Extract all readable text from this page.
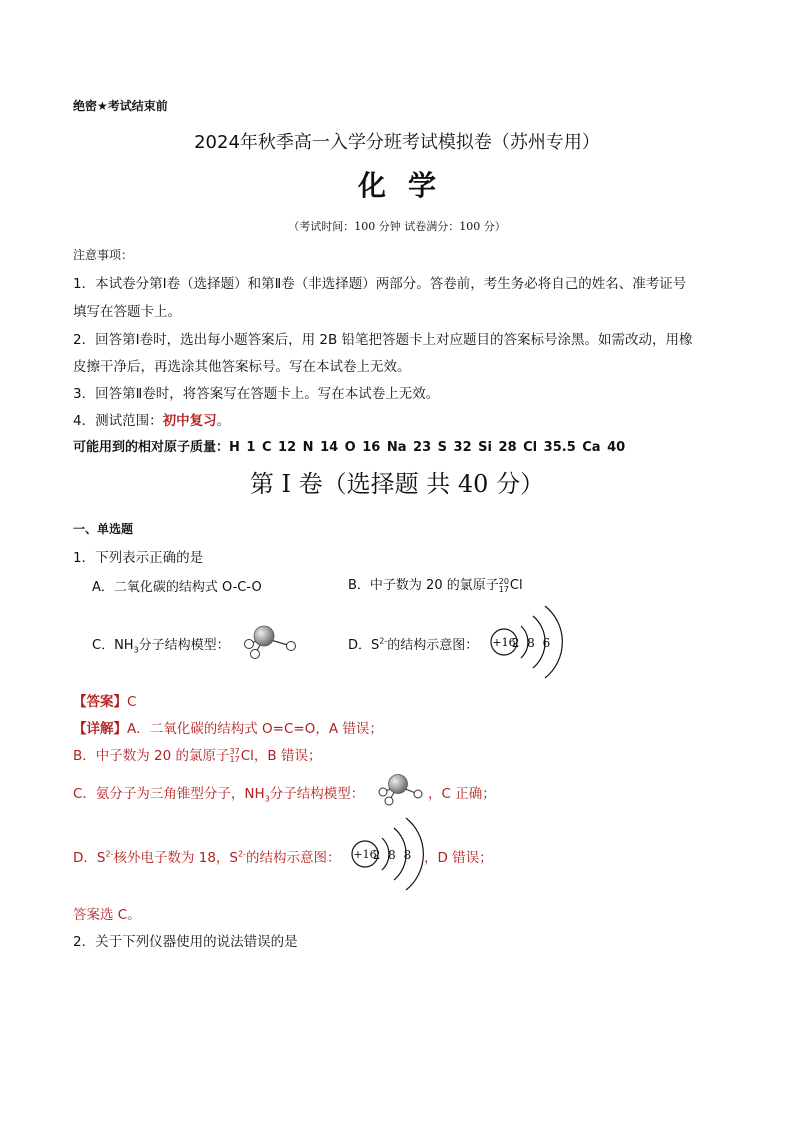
绝密★考试结束前
2024年秋季高一入学分班考试模拟卷（苏州专用）
化学
（考试时间：100 分钟 试卷满分：100 分）
注意事项：
1．本试卷分第Ⅰ卷（选择题）和第Ⅱ卷（非选择题）两部分。答卷前，考生务必将自己的姓名、准考证号
填写在答题卡上。
2．回答第Ⅰ卷时，选出每小题答案后，用 2B 铅笔把答题卡上对应题目的答案标号涂黑。如需改动，用橡
皮擦干净后，再选涂其他答案标号。写在本试卷上无效。
3．回答第Ⅱ卷时，将答案写在答题卡上。写在本试卷上无效。
4．测试范围：初中复习。
可能用到的相对原子质量：H 1 C 12 N 14 O 16 Na 23 S 32 Si 28 Cl 35.5 Ca 40
第 I 卷（选择题 共 40 分）
一、单选题
1．下列表示正确的是
A．二氧化碳的结构式 O-C-O	B．中子数为 20 的氯原子 20
17 Cl
C．$NH_3$分子结构模型：	D．$S^{2-}$的结构示意图： +16
2 8 6
【答案】C
【详解】A．二氧化碳的结构式 O=C=O，A 错误；
B．中子数为 20 的氯原子 37
17 Cl，B 错误；
C．氨分子为三角锥型分子，$NH_3$分子结构模型：	，C 正确；
D．$S^{2-}$核外电子数为 18，$S^{2-}$的结构示意图： +16
2 8 8 ，D 错误；
答案选 C。
2．关于下列仪器使用的说法错误的是
